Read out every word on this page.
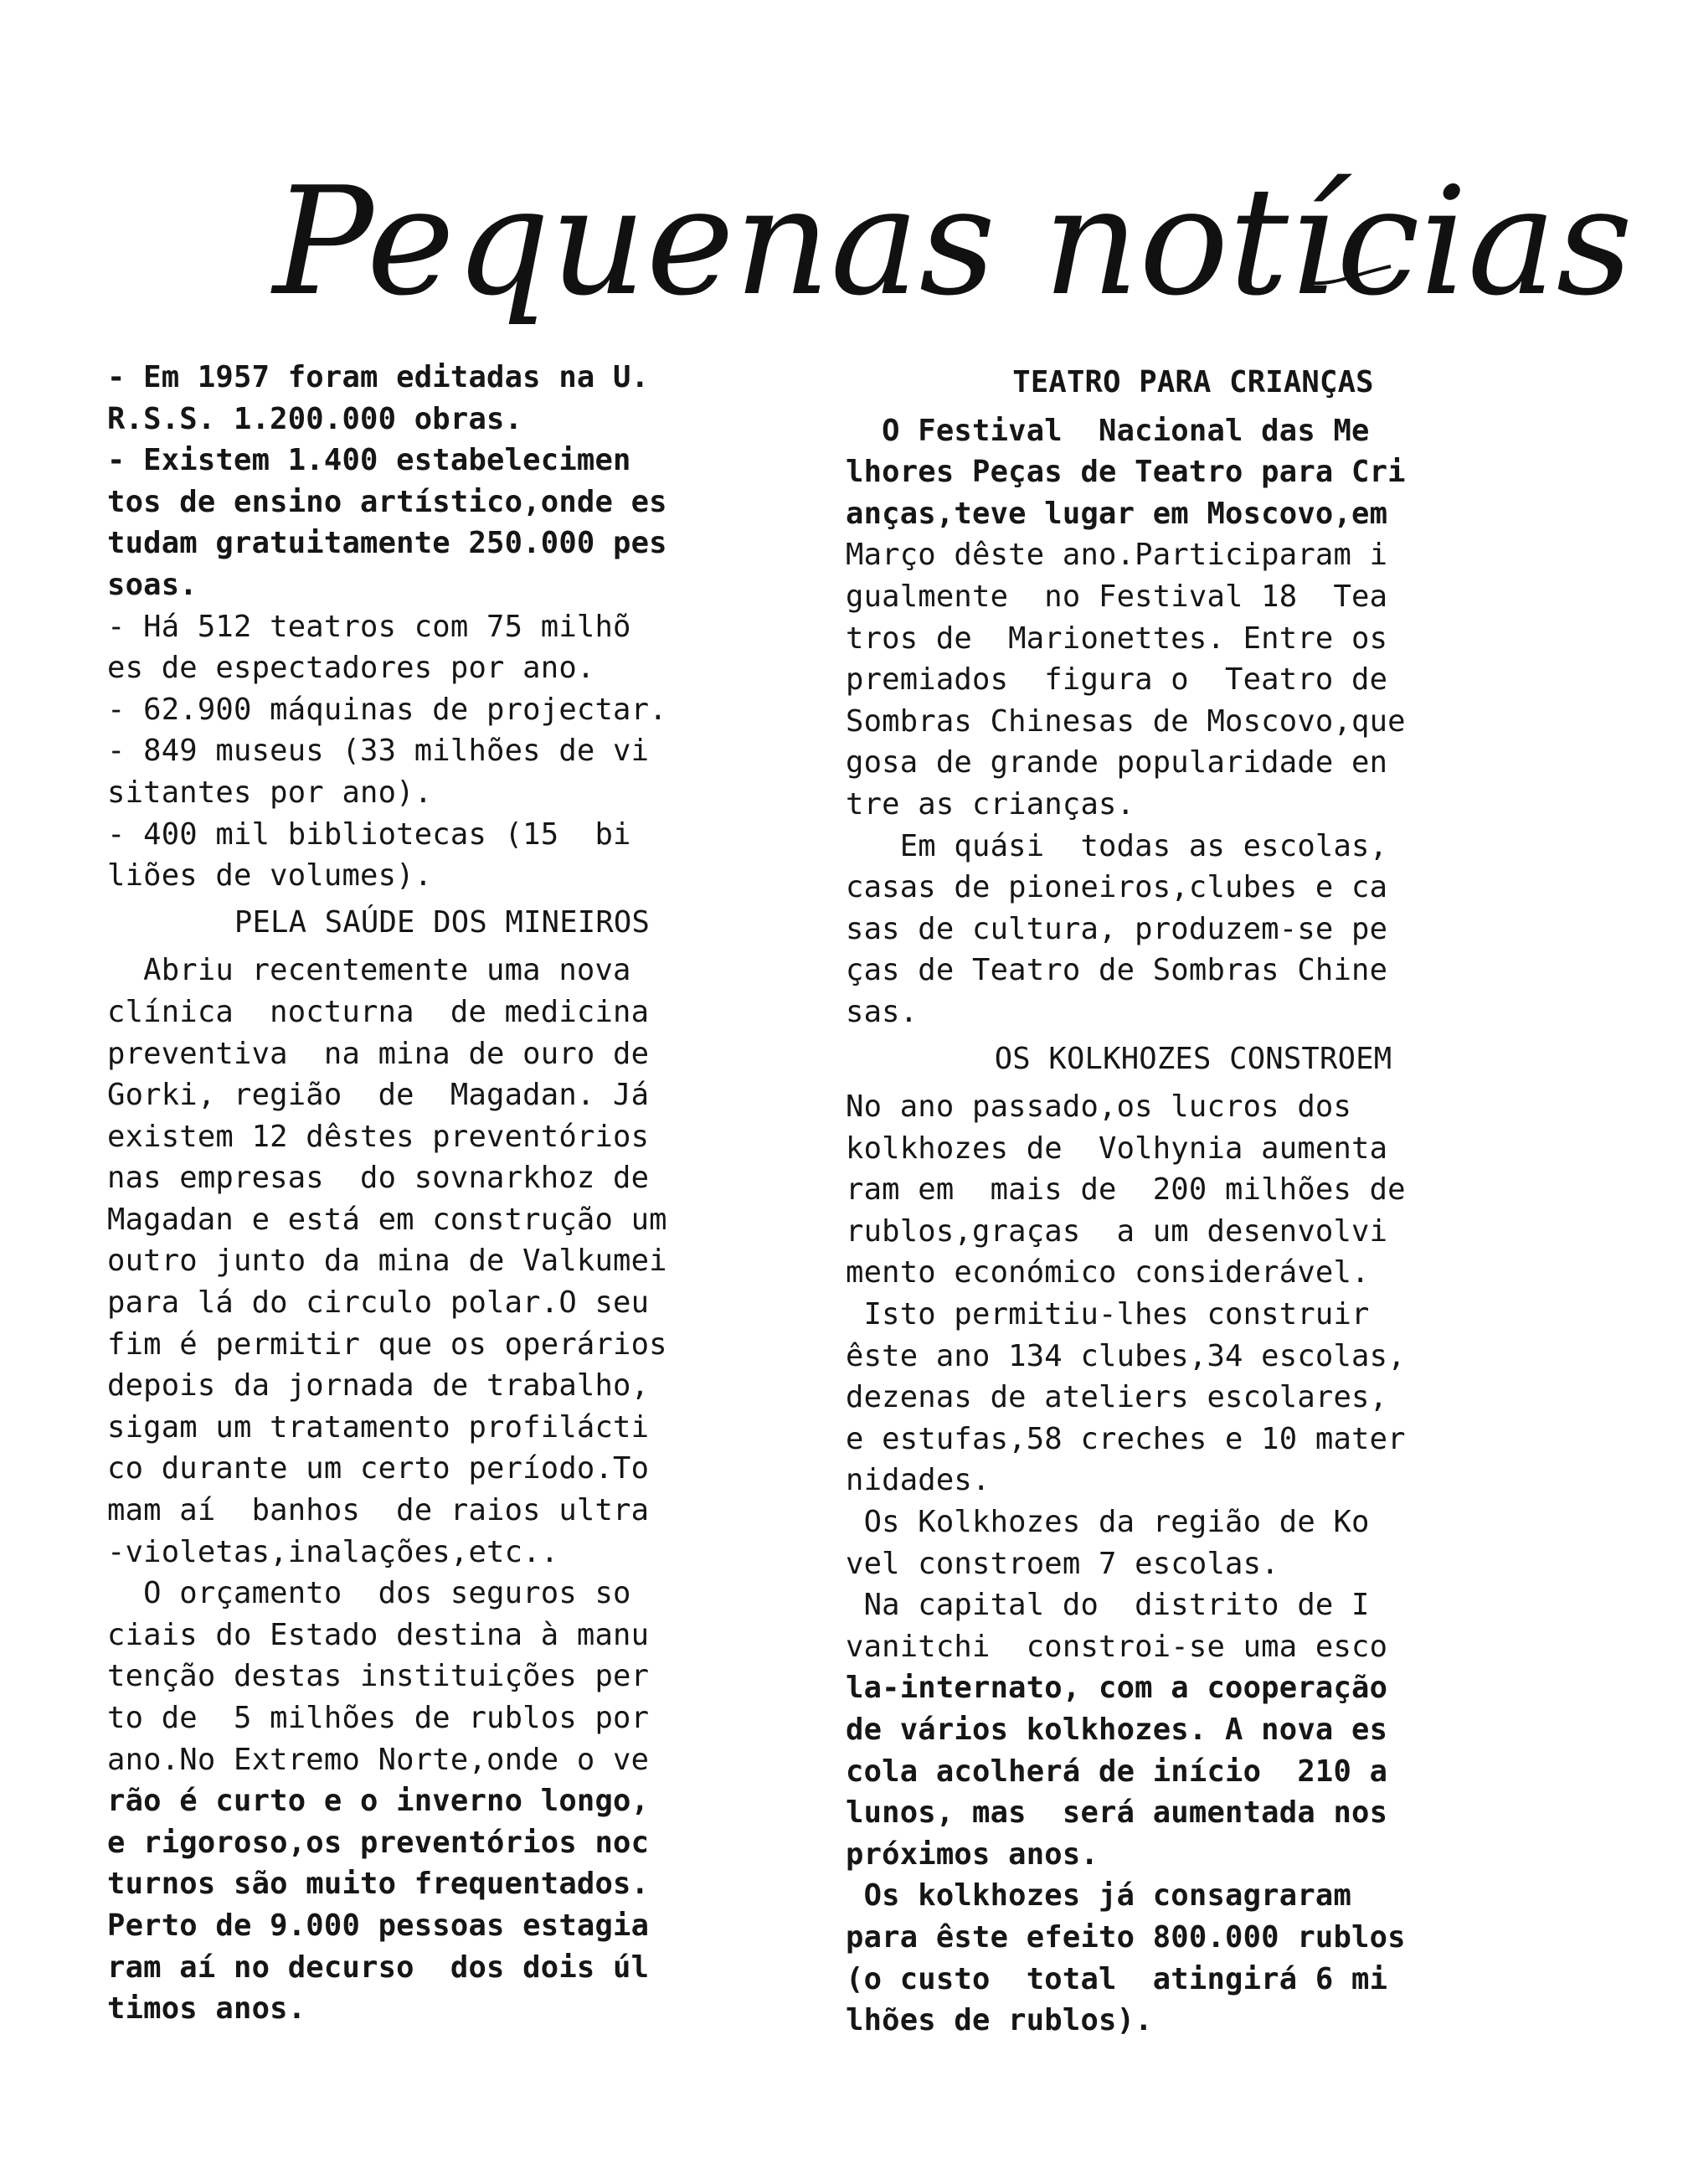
Pequenas notícias
- Em 1957 foram editadas na U.
R.S.S. 1.200.000 obras.
- Existem 1.400 estabelecimen
tos de ensino artístico,onde es
tudam gratuitamente 250.000 pes
soas.
- Há 512 teatros com 75 milhõ
es de espectadores por ano.
- 62.900 máquinas de projectar.
- 849 museus (33 milhões de vi
sitantes por ano).
- 400 mil bibliotecas (15  bi
liões de volumes).
PELA SAÚDE DOS MINEIROS
Abriu recentemente uma nova
clínica  nocturna  de medicina
preventiva  na mina de ouro de
Gorki, região  de  Magadan. Já
existem 12 dêstes preventórios
nas empresas  do sovnarkhoz de
Magadan e está em construção um
outro junto da mina de Valkumei
para lá do circulo polar.O seu
fim é permitir que os operários
depois da jornada de trabalho,
sigam um tratamento profilácti
co durante um certo período.To
mam aí  banhos  de raios ultra
-violetas,inalações,etc..
O orçamento  dos seguros so
ciais do Estado destina à manu
tenção destas instituições per
to de  5 milhões de rublos por
ano.No Extremo Norte,onde o ve
rão é curto e o inverno longo,
e rigoroso,os preventórios noc
turnos são muito frequentados.
Perto de 9.000 pessoas estagia
ram aí no decurso  dos dois úl
timos anos.
TEATRO PARA CRIANÇAS
O Festival  Nacional das Me
lhores Peças de Teatro para Cri
anças,teve lugar em Moscovo,em
Março dêste ano.Participaram i
gualmente  no Festival 18  Tea
tros de  Marionettes. Entre os
premiados  figura o  Teatro de
Sombras Chinesas de Moscovo,que
gosa de grande popularidade en
tre as crianças.
Em quási  todas as escolas,
casas de pioneiros,clubes e ca
sas de cultura, produzem-se pe
ças de Teatro de Sombras Chine
sas.
OS KOLKHOZES CONSTROEM
No ano passado,os lucros dos
kolkhozes de  Volhynia aumenta
ram em  mais de  200 milhões de
rublos,graças  a um desenvolvi
mento económico considerável.
Isto permitiu-lhes construir
êste ano 134 clubes,34 escolas,
dezenas de ateliers escolares,
e estufas,58 creches e 10 mater
nidades.
Os Kolkhozes da região de Ko
vel constroem 7 escolas.
Na capital do  distrito de I
vanitchi  constroi-se uma esco
la-internato, com a cooperação
de vários kolkhozes. A nova es
cola acolherá de início  210 a
lunos, mas  será aumentada nos
próximos anos.
Os kolkhozes já consagraram
para êste efeito 800.000 rublos
(o custo  total  atingirá 6 mi
lhões de rublos).
